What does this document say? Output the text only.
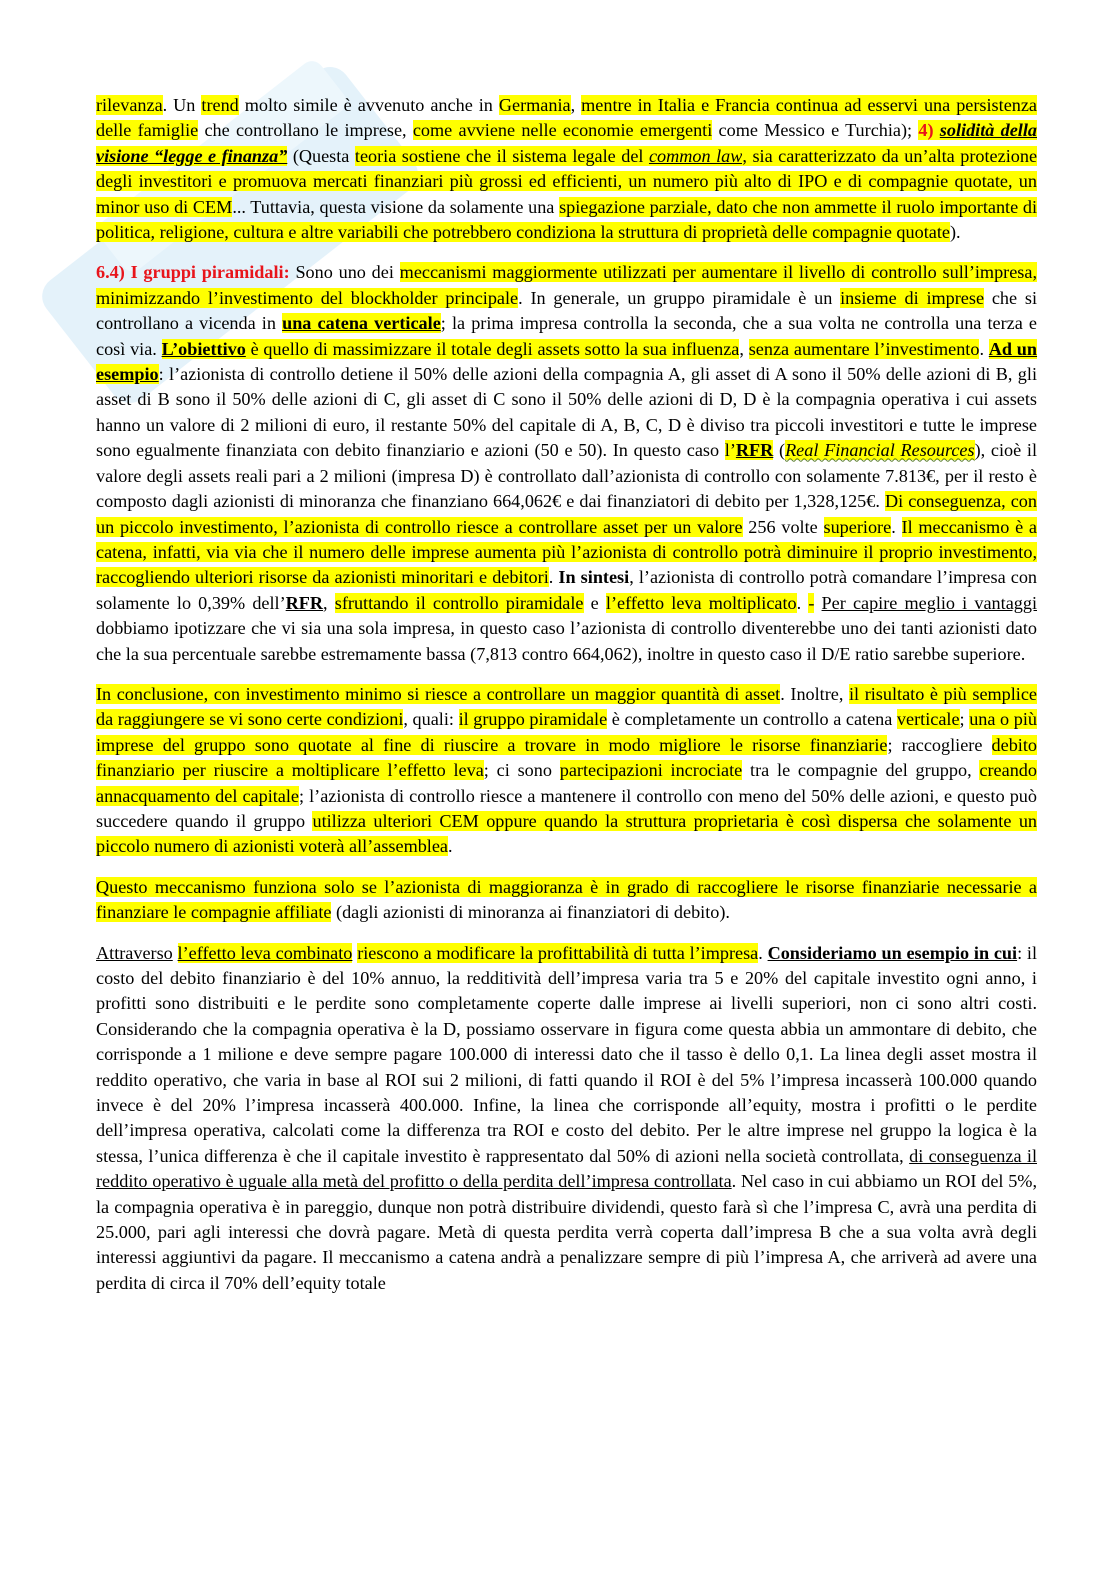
rilevanza. Un trend molto simile è avvenuto anche in Germania, mentre in Italia e Francia continua ad esservi una persistenza delle famiglie che controllano le imprese, come avviene nelle economie emergenti come Messico e Turchia); 4) solidità della visione “legge e finanza” (Questa teoria sostiene che il sistema legale del common law, sia caratterizzato da un’alta protezione degli investitori e promuova mercati finanziari più grossi ed efficienti, un numero più alto di IPO e di compagnie quotate, un minor uso di CEM... Tuttavia, questa visione da solamente una spiegazione parziale, dato che non ammette il ruolo importante di politica, religione, cultura e altre variabili che potrebbero condiziona la struttura di proprietà delle compagnie quotate).

6.4) I gruppi piramidali: Sono uno dei meccanismi maggiormente utilizzati per aumentare il livello di controllo sull’impresa, minimizzando l’investimento del blockholder principale. In generale, un gruppo piramidale è un insieme di imprese che si controllano a vicenda in una catena verticale; la prima impresa controlla la seconda, che a sua volta ne controlla una terza e così via. L’obiettivo è quello di massimizzare il totale degli assets sotto la sua influenza, senza aumentare l’investimento. Ad un esempio: l’azionista di controllo detiene il 50% delle azioni della compagnia A, gli asset di A sono il 50% delle azioni di B, gli asset di B sono il 50% delle azioni di C, gli asset di C sono il 50% delle azioni di D, D è la compagnia operativa i cui assets hanno un valore di 2 milioni di euro, il restante 50% del capitale di A, B, C, D è diviso tra piccoli investitori e tutte le imprese sono egualmente finanziata con debito finanziario e azioni (50 e 50). In questo caso l’RFR (Real Financial Resources), cioè il valore degli assets reali pari a 2 milioni (impresa D) è controllato dall’azionista di controllo con solamente 7.813€, per il resto è composto dagli azionisti di minoranza che finanziano 664,062€ e dai finanziatori di debito per 1,328,125€. Di conseguenza, con un piccolo investimento, l’azionista di controllo riesce a controllare asset per un valore 256 volte superiore. Il meccanismo è a catena, infatti, via via che il numero delle imprese aumenta più l’azionista di controllo potrà diminuire il proprio investimento, raccogliendo ulteriori risorse da azionisti minoritari e debitori. In sintesi, l’azionista di controllo potrà comandare l’impresa con solamente lo 0,39% dell’RFR, sfruttando il controllo piramidale e l’effetto leva moltiplicato. - Per capire meglio i vantaggi dobbiamo ipotizzare che vi sia una sola impresa, in questo caso l’azionista di controllo diventerebbe uno dei tanti azionisti dato che la sua percentuale sarebbe estremamente bassa (7,813 contro 664,062), inoltre in questo caso il D/E ratio sarebbe superiore.

In conclusione, con investimento minimo si riesce a controllare un maggior quantità di asset. Inoltre, il risultato è più semplice da raggiungere se vi sono certe condizioni, quali: il gruppo piramidale è completamente un controllo a catena verticale; una o più imprese del gruppo sono quotate al fine di riuscire a trovare in modo migliore le risorse finanziarie; raccogliere debito finanziario per riuscire a moltiplicare l’effetto leva; ci sono partecipazioni incrociate tra le compagnie del gruppo, creando annacquamento del capitale; l’azionista di controllo riesce a mantenere il controllo con meno del 50% delle azioni, e questo può succedere quando il gruppo utilizza ulteriori CEM oppure quando la struttura proprietaria è così dispersa che solamente un piccolo numero di azionisti voterà all’assemblea.

Questo meccanismo funziona solo se l’azionista di maggioranza è in grado di raccogliere le risorse finanziarie necessarie a finanziare le compagnie affiliate (dagli azionisti di minoranza ai finanziatori di debito).

Attraverso l’effetto leva combinato riescono a modificare la profittabilità di tutta l’impresa. Consideriamo un esempio in cui: il costo del debito finanziario è del 10% annuo, la redditività dell’impresa varia tra 5 e 20% del capitale investito ogni anno, i profitti sono distribuiti e le perdite sono completamente coperte dalle imprese ai livelli superiori, non ci sono altri costi. Considerando che la compagnia operativa è la D, possiamo osservare in figura come questa abbia un ammontare di debito, che corrisponde a 1 milione e deve sempre pagare 100.000 di interessi dato che il tasso è dello 0,1. La linea degli asset mostra il reddito operativo, che varia in base al ROI sui 2 milioni, di fatti quando il ROI è del 5% l’impresa incasserà 100.000 quando invece è del 20% l’impresa incasserà 400.000. Infine, la linea che corrisponde all’equity, mostra i profitti o le perdite dell’impresa operativa, calcolati come la differenza tra ROI e costo del debito. Per le altre imprese nel gruppo la logica è la stessa, l’unica differenza è che il capitale investito è rappresentato dal 50% di azioni nella società controllata, di conseguenza il reddito operativo è uguale alla metà del profitto o della perdita dell’impresa controllata. Nel caso in cui abbiamo un ROI del 5%, la compagnia operativa è in pareggio, dunque non potrà distribuire dividendi, questo farà sì che l’impresa C, avrà una perdita di 25.000, pari agli interessi che dovrà pagare. Metà di questa perdita verrà coperta dall’impresa B che a sua volta avrà degli interessi aggiuntivi da pagare. Il meccanismo a catena andrà a penalizzare sempre di più l’impresa A, che arriverà ad avere una perdita di circa il 70% dell’equity totale
